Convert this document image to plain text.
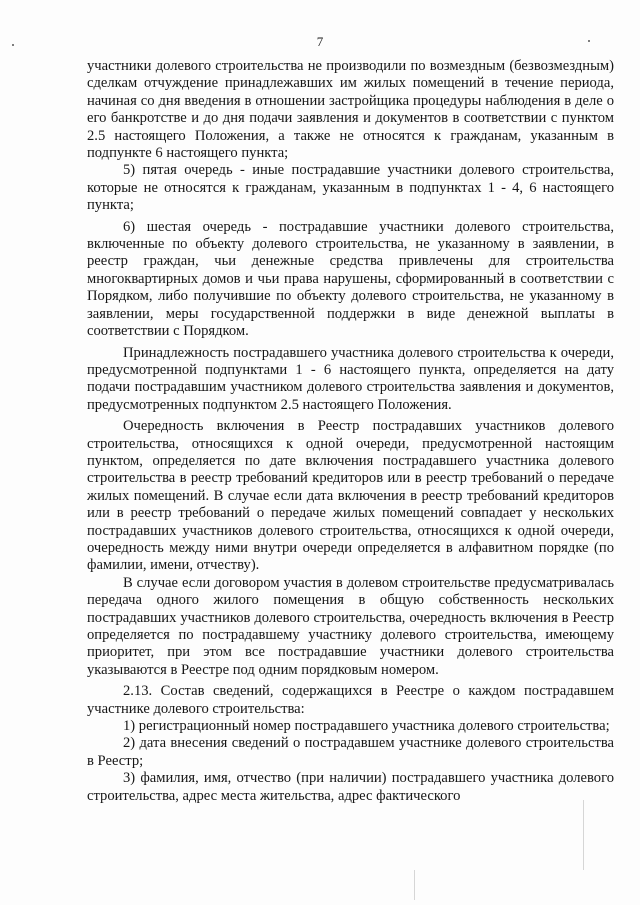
7

участники долевого строительства не производили по возмездным (безвозмездным) сделкам отчуждение принадлежавших им жилых помещений в течение периода, начиная со дня введения в отношении застройщика процедуры наблюдения в деле о его банкротстве и до дня подачи заявления и документов в соответствии с пунктом 2.5 настоящего Положения, а также не относятся к гражданам, указанным в подпункте 6 настоящего пункта;

5) пятая очередь - иные пострадавшие участники долевого строительства, которые не относятся к гражданам, указанным в подпунктах 1 - 4, 6 настоящего пункта;

6) шестая очередь - пострадавшие участники долевого строительства, включенные по объекту долевого строительства, не указанному в заявлении, в реестр граждан, чьи денежные средства привлечены для строительства многоквартирных домов и чьи права нарушены, сформированный в соответствии с Порядком, либо получившие по объекту долевого строительства, не указанному в заявлении, меры государственной поддержки в виде денежной выплаты в соответствии с Порядком.

Принадлежность пострадавшего участника долевого строительства к очереди, предусмотренной подпунктами 1 - 6 настоящего пункта, определяется на дату подачи пострадавшим участником долевого строительства заявления и документов, предусмотренных подпунктом 2.5 настоящего Положения.

Очередность включения в Реестр пострадавших участников долевого строительства, относящихся к одной очереди, предусмотренной настоящим пунктом, определяется по дате включения пострадавшего участника долевого строительства в реестр требований кредиторов или в реестр требований о передаче жилых помещений. В случае если дата включения в реестр требований кредиторов или в реестр требований о передаче жилых помещений совпадает у нескольких пострадавших участников долевого строительства, относящихся к одной очереди, очередность между ними внутри очереди определяется в алфавитном порядке (по фамилии, имени, отчеству).

В случае если договором участия в долевом строительстве предусматривалась передача одного жилого помещения в общую собственность нескольких пострадавших участников долевого строительства, очередность включения в Реестр определяется по пострадавшему участнику долевого строительства, имеющему приоритет, при этом все пострадавшие участники долевого строительства указываются в Реестре под одним порядковым номером.

2.13. Состав сведений, содержащихся в Реестре о каждом пострадавшем участнике долевого строительства:

1) регистрационный номер пострадавшего участника долевого строительства;

2) дата внесения сведений о пострадавшем участнике долевого строительства в Реестр;

3) фамилия, имя, отчество (при наличии) пострадавшего участника долевого строительства, адрес места жительства, адрес фактического
